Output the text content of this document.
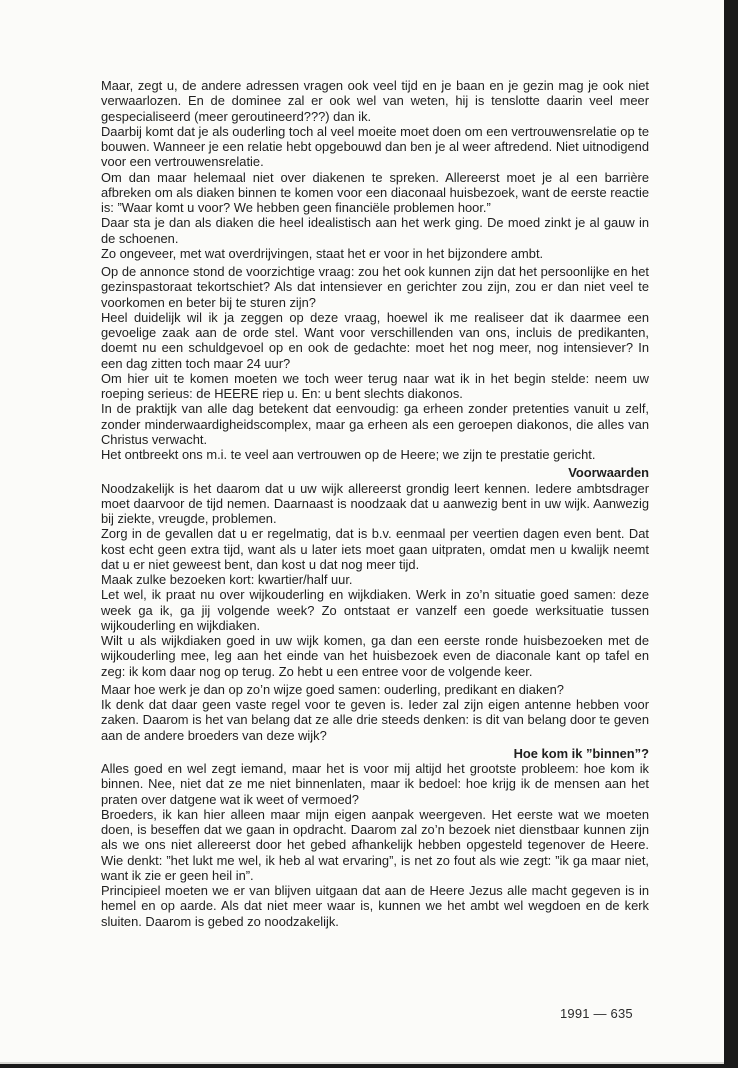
Maar, zegt u, de andere adressen vragen ook veel tijd en je baan en je gezin mag je ook niet verwaarlozen. En de dominee zal er ook wel van weten, hij is tenslotte daarin veel meer gespecialiseerd (meer geroutineerd???) dan ik.

Daarbij komt dat je als ouderling toch al veel moeite moet doen om een vertrouwensrelatie op te bouwen. Wanneer je een relatie hebt opgebouwd dan ben je al weer aftredend. Niet uitnodigend voor een vertrouwensrelatie.

Om dan maar helemaal niet over diakenen te spreken. Allereerst moet je al een barrière afbreken om als diaken binnen te komen voor een diaconaal huisbezoek, want de eerste reactie is: ”Waar komt u voor? We hebben geen financiële problemen hoor.”

Daar sta je dan als diaken die heel idealistisch aan het werk ging. De moed zinkt je al gauw in de schoenen.

Zo ongeveer, met wat overdrijvingen, staat het er voor in het bijzondere ambt.

Op de annonce stond de voorzichtige vraag: zou het ook kunnen zijn dat het persoonlijke en het gezinspastoraat tekortschiet? Als dat intensiever en gerichter zou zijn, zou er dan niet veel te voorkomen en beter bij te sturen zijn?

Heel duidelijk wil ik ja zeggen op deze vraag, hoewel ik me realiseer dat ik daarmee een gevoelige zaak aan de orde stel. Want voor verschillenden van ons, incluis de predikanten, doemt nu een schuldgevoel op en ook de gedachte: moet het nog meer, nog intensiever? In een dag zitten toch maar 24 uur?

Om hier uit te komen moeten we toch weer terug naar wat ik in het begin stelde: neem uw roeping serieus: de HEERE riep u. En: u bent slechts diakonos.

In de praktijk van alle dag betekent dat eenvoudig: ga erheen zonder pretenties vanuit u zelf, zonder minderwaardigheidscomplex, maar ga erheen als een geroepen diakonos, die alles van Christus verwacht.

Het ontbreekt ons m.i. te veel aan vertrouwen op de Heere; we zijn te prestatie gericht.

Voorwaarden

Noodzakelijk is het daarom dat u uw wijk allereerst grondig leert kennen. Iedere ambtsdrager moet daarvoor de tijd nemen. Daarnaast is noodzaak dat u aanwezig bent in uw wijk. Aanwezig bij ziekte, vreugde, problemen.

Zorg in de gevallen dat u er regelmatig, dat is b.v. eenmaal per veertien dagen even bent. Dat kost echt geen extra tijd, want als u later iets moet gaan uitpraten, omdat men u kwalijk neemt dat u er niet geweest bent, dan kost u dat nog meer tijd.

Maak zulke bezoeken kort: kwartier/half uur.

Let wel, ik praat nu over wijkouderling en wijkdiaken. Werk in zo’n situatie goed samen: deze week ga ik, ga jij volgende week? Zo ontstaat er vanzelf een goede werksituatie tussen wijkouderling en wijkdiaken.

Wilt u als wijkdiaken goed in uw wijk komen, ga dan een eerste ronde huisbezoeken met de wijkouderling mee, leg aan het einde van het huisbezoek even de diaconale kant op tafel en zeg: ik kom daar nog op terug. Zo hebt u een entree voor de volgende keer.

Maar hoe werk je dan op zo’n wijze goed samen: ouderling, predikant en diaken?

Ik denk dat daar geen vaste regel voor te geven is. Ieder zal zijn eigen antenne hebben voor zaken. Daarom is het van belang dat ze alle drie steeds denken: is dit van belang door te geven aan de andere broeders van deze wijk?

Hoe kom ik ”binnen”?

Alles goed en wel zegt iemand, maar het is voor mij altijd het grootste probleem: hoe kom ik binnen. Nee, niet dat ze me niet binnenlaten, maar ik bedoel: hoe krijg ik de mensen aan het praten over datgene wat ik weet of vermoed?

Broeders, ik kan hier alleen maar mijn eigen aanpak weergeven. Het eerste wat we moeten doen, is beseffen dat we gaan in opdracht. Daarom zal zo’n bezoek niet dienstbaar kunnen zijn als we ons niet allereerst door het gebed afhankelijk hebben opgesteld tegenover de Heere. Wie denkt: ”het lukt me wel, ik heb al wat ervaring”, is net zo fout als wie zegt: ”ik ga maar niet, want ik zie er geen heil in”.

Principieel moeten we er van blijven uitgaan dat aan de Heere Jezus alle macht gegeven is in hemel en op aarde. Als dat niet meer waar is, kunnen we het ambt wel wegdoen en de kerk sluiten. Daarom is gebed zo noodzakelijk.

1991 — 635
